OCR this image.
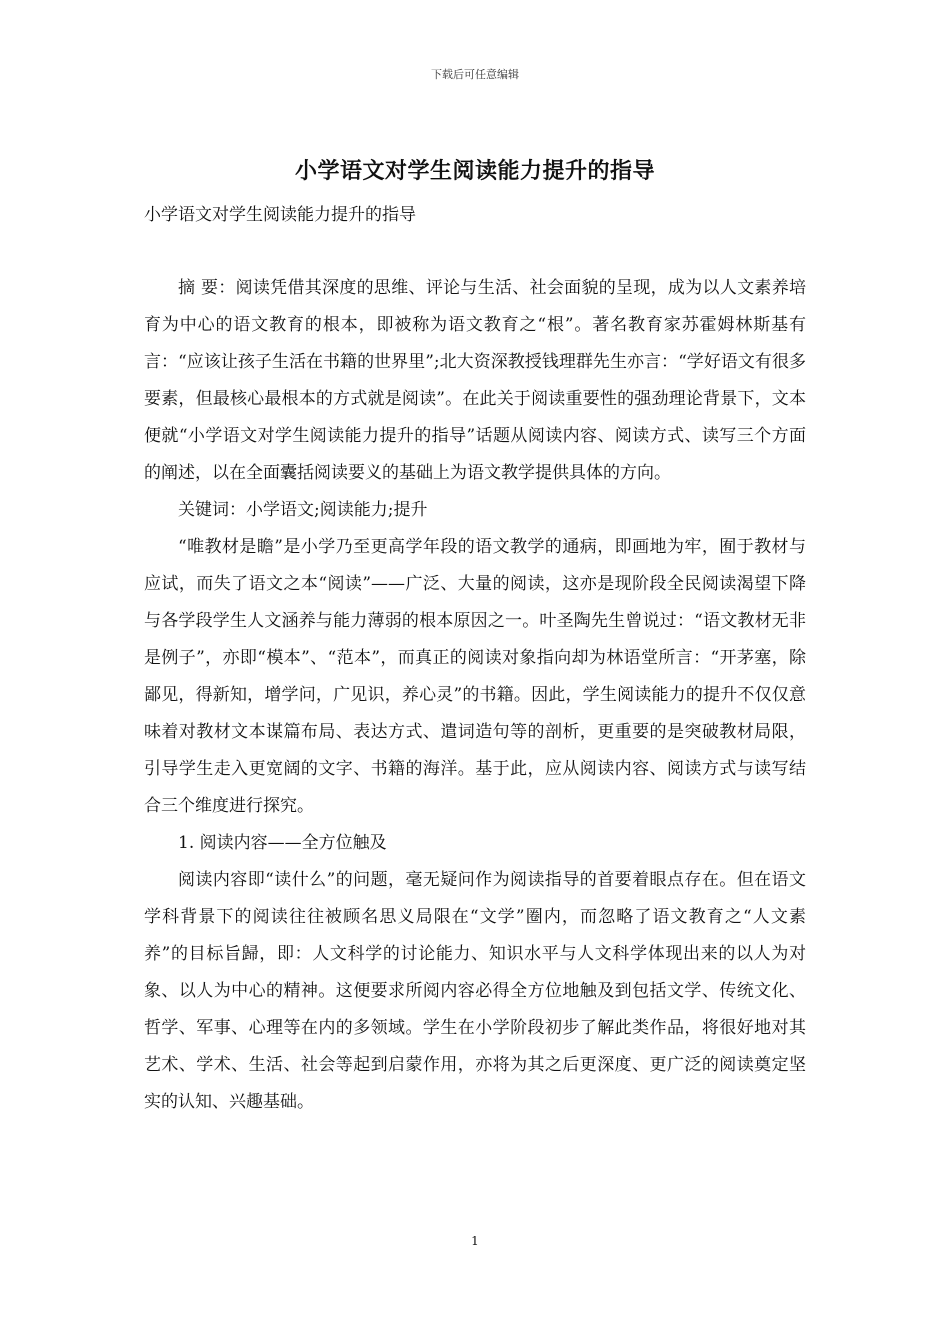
下载后可任意编辑
小学语文对学生阅读能力提升的指导
小学语文对学生阅读能力提升的指导

摘 要：阅读凭借其深度的思维、评论与生活、社会面貌的呈现，成为以人文素养培育为中心的语文教育的根本，即被称为语文教育之“根”。著名教育家苏霍姆林斯基有言：“应该让孩子生活在书籍的世界里”;北大资深教授钱理群先生亦言：“学好语文有很多要素，但最核心最根本的方式就是阅读”。在此关于阅读重要性的强劲理论背景下，文本便就“小学语文对学生阅读能力提升的指导”话题从阅读内容、阅读方式、读写三个方面的阐述，以在全面囊括阅读要义的基础上为语文教学提供具体的方向。

关键词：小学语文;阅读能力;提升

“唯教材是瞻”是小学乃至更高学年段的语文教学的通病，即画地为牢，囿于教材与应试，而失了语文之本“阅读”——广泛、大量的阅读，这亦是现阶段全民阅读渴望下降与各学段学生人文涵养与能力薄弱的根本原因之一。叶圣陶先生曾说过：“语文教材无非是例子”，亦即“模本”、“范本”，而真正的阅读对象指向却为林语堂所言：“开茅塞，除鄙见，得新知，增学问，广见识，养心灵”的书籍。因此，学生阅读能力的提升不仅仅意味着对教材文本谋篇布局、表达方式、遣词造句等的剖析，更重要的是突破教材局限，引导学生走入更宽阔的文字、书籍的海洋。基于此，应从阅读内容、阅读方式与读写结合三个维度进行探究。

1. 阅读内容——全方位触及

阅读内容即“读什么”的问题，毫无疑问作为阅读指导的首要着眼点存在。但在语文学科背景下的阅读往往被顾名思义局限在“文学”圈内，而忽略了语文教育之“人文素养”的目标旨歸，即：人文科学的讨论能力、知识水平与人文科学体现出来的以人为对象、以人为中心的精神。这便要求所阅内容必得全方位地触及到包括文学、传统文化、哲学、军事、心理等在内的多领域。学生在小学阶段初步了解此类作品，将很好地对其艺术、学术、生活、社会等起到启蒙作用，亦将为其之后更深度、更广泛的阅读奠定坚实的认知、兴趣基础。

1
